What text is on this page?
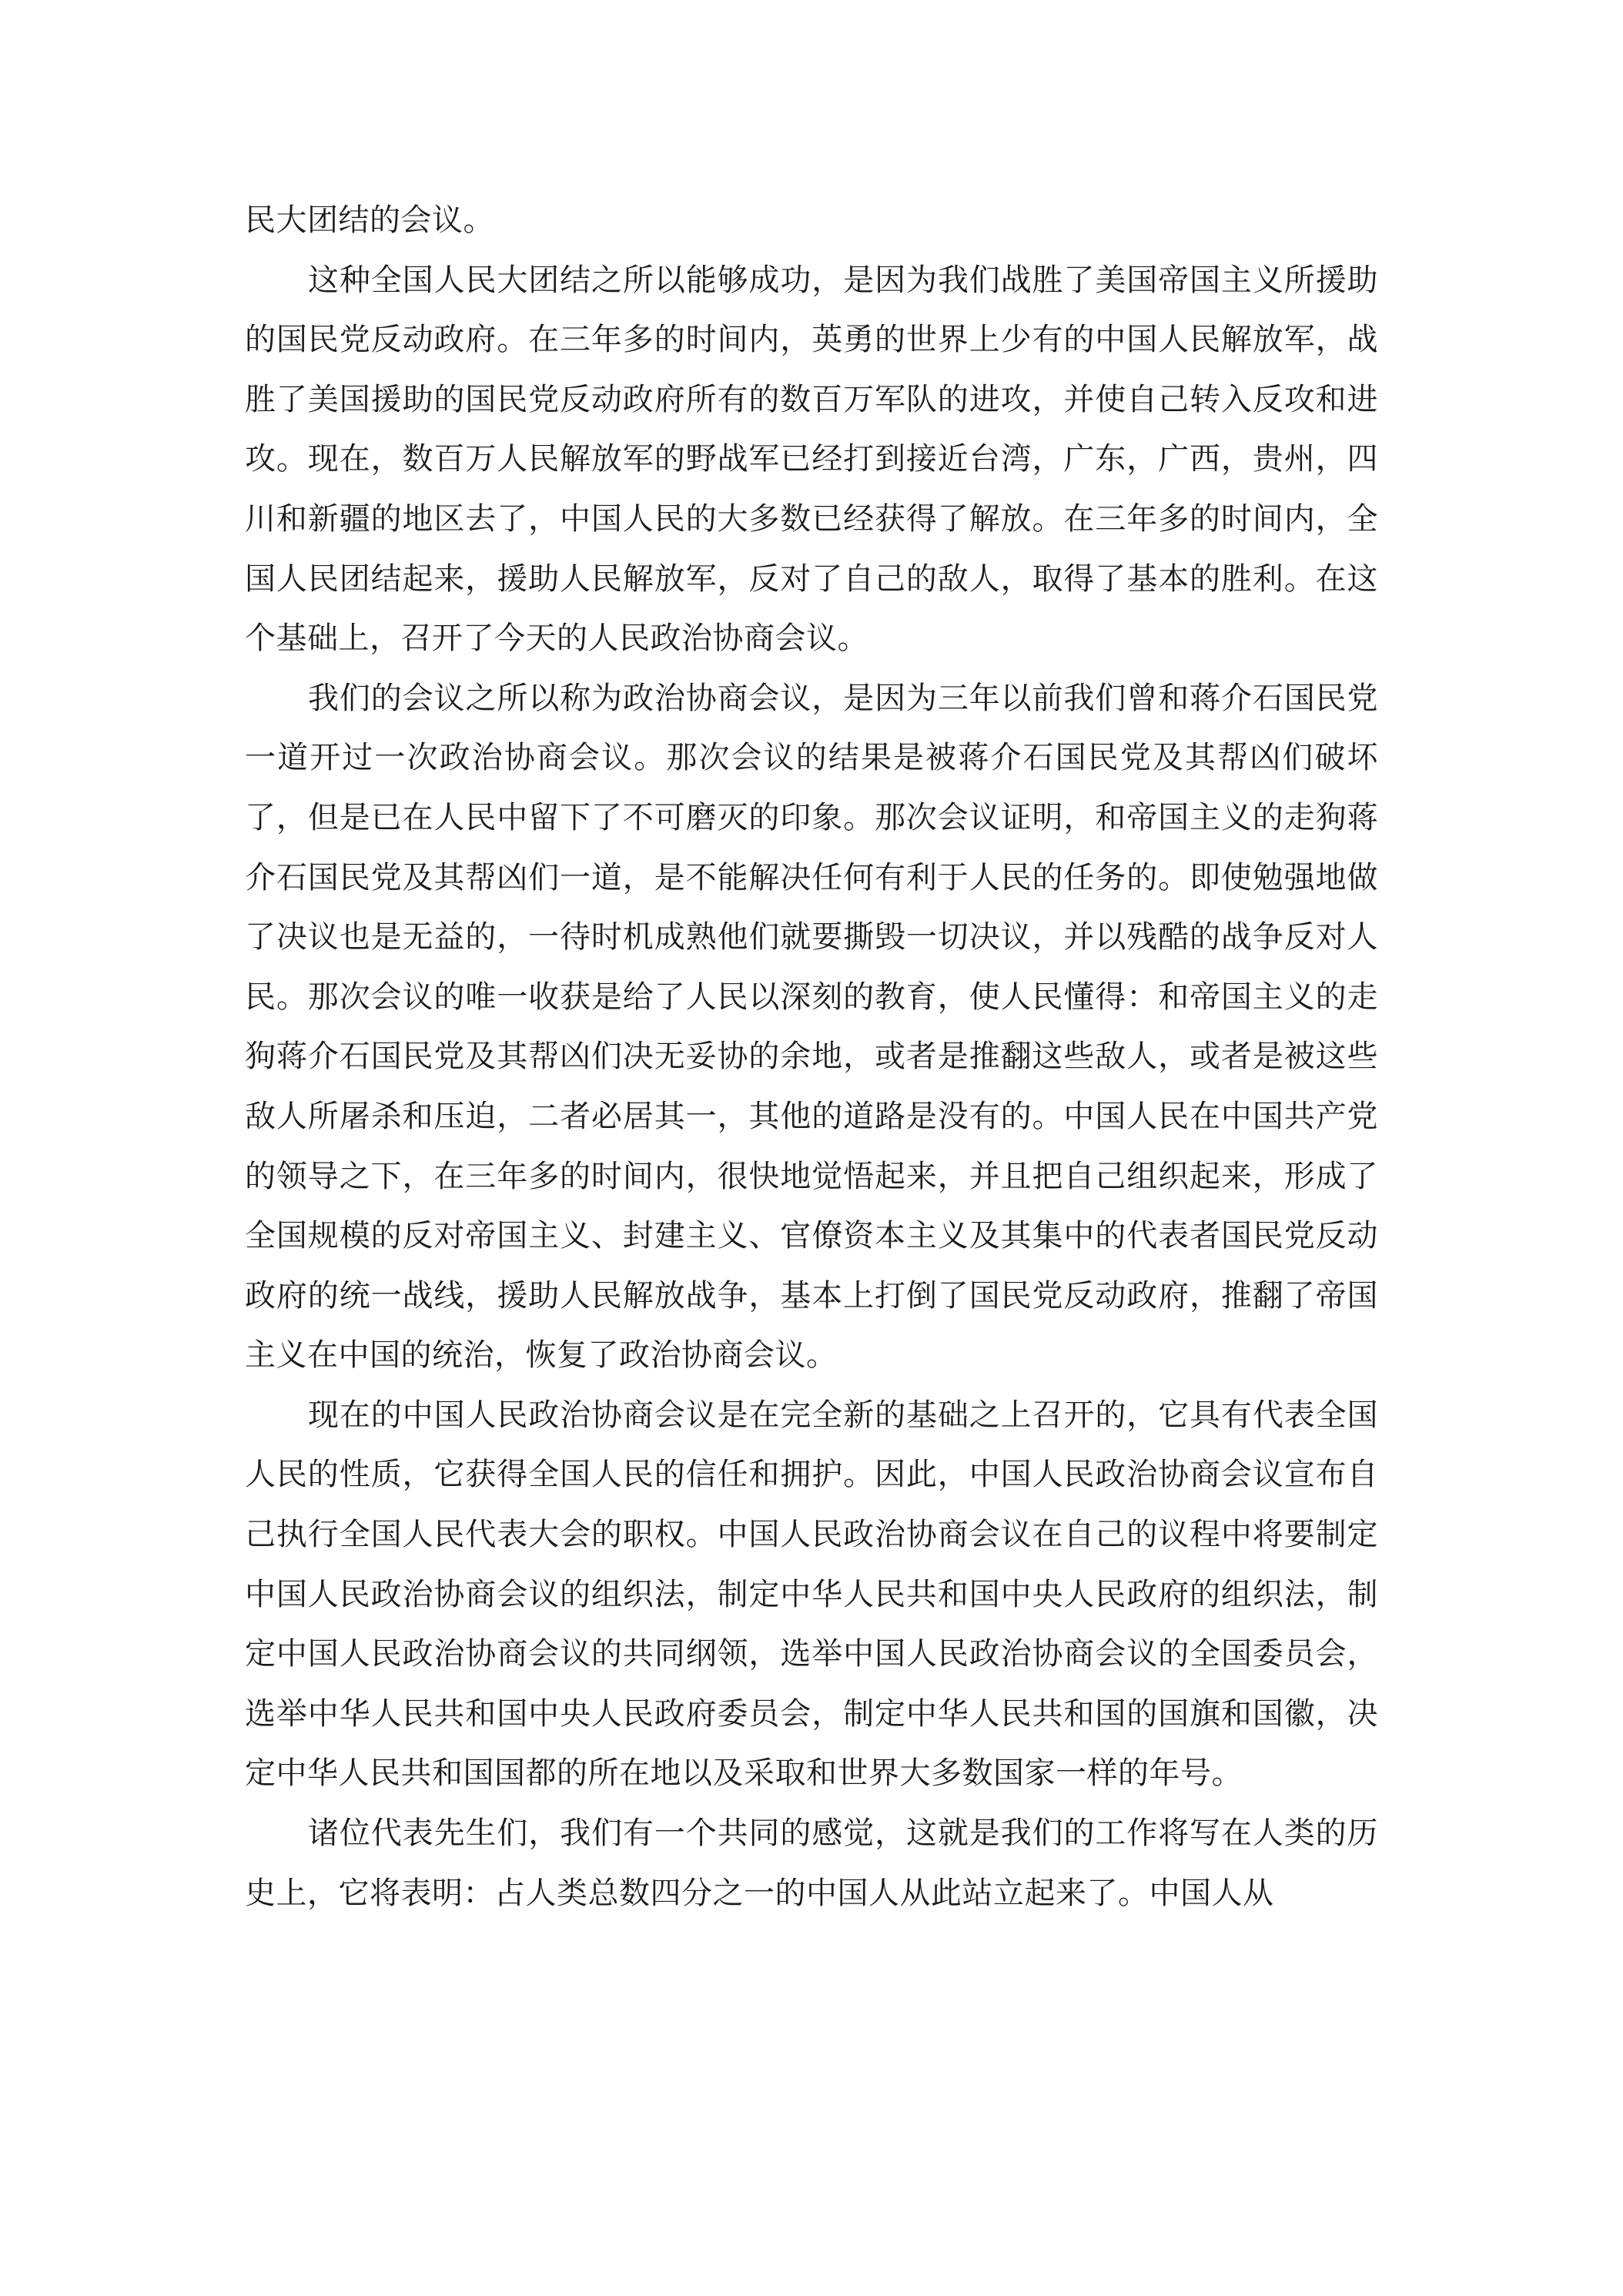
民大团结的会议。

这种全国人民大团结之所以能够成功，是因为我们战胜了美国帝国主义所援助的国民党反动政府。在三年多的时间内，英勇的世界上少有的中国人民解放军，战胜了美国援助的国民党反动政府所有的数百万军队的进攻，并使自己转入反攻和进攻。现在，数百万人民解放军的野战军已经打到接近台湾，广东，广西，贵州，四川和新疆的地区去了，中国人民的大多数已经获得了解放。在三年多的时间内，全国人民团结起来，援助人民解放军，反对了自己的敌人，取得了基本的胜利。在这个基础上，召开了今天的人民政治协商会议。

我们的会议之所以称为政治协商会议，是因为三年以前我们曾和蒋介石国民党一道开过一次政治协商会议。那次会议的结果是被蒋介石国民党及其帮凶们破坏了，但是已在人民中留下了不可磨灭的印象。那次会议证明，和帝国主义的走狗蒋介石国民党及其帮凶们一道，是不能解决任何有利于人民的任务的。即使勉强地做了决议也是无益的，一待时机成熟他们就要撕毁一切决议，并以残酷的战争反对人民。那次会议的唯一收获是给了人民以深刻的教育，使人民懂得：和帝国主义的走狗蒋介石国民党及其帮凶们决无妥协的余地，或者是推翻这些敌人，或者是被这些敌人所屠杀和压迫，二者必居其一，其他的道路是没有的。中国人民在中国共产党的领导之下，在三年多的时间内，很快地觉悟起来，并且把自己组织起来，形成了全国规模的反对帝国主义、封建主义、官僚资本主义及其集中的代表者国民党反动政府的统一战线，援助人民解放战争，基本上打倒了国民党反动政府，推翻了帝国主义在中国的统治，恢复了政治协商会议。

现在的中国人民政治协商会议是在完全新的基础之上召开的，它具有代表全国人民的性质，它获得全国人民的信任和拥护。因此，中国人民政治协商会议宣布自己执行全国人民代表大会的职权。中国人民政治协商会议在自己的议程中将要制定中国人民政治协商会议的组织法，制定中华人民共和国中央人民政府的组织法，制定中国人民政治协商会议的共同纲领，选举中国人民政治协商会议的全国委员会，选举中华人民共和国中央人民政府委员会，制定中华人民共和国的国旗和国徽，决定中华人民共和国国都的所在地以及采取和世界大多数国家一样的年号。

诸位代表先生们，我们有一个共同的感觉，这就是我们的工作将写在人类的历史上，它将表明：占人类总数四分之一的中国人从此站立起来了。中国人从
